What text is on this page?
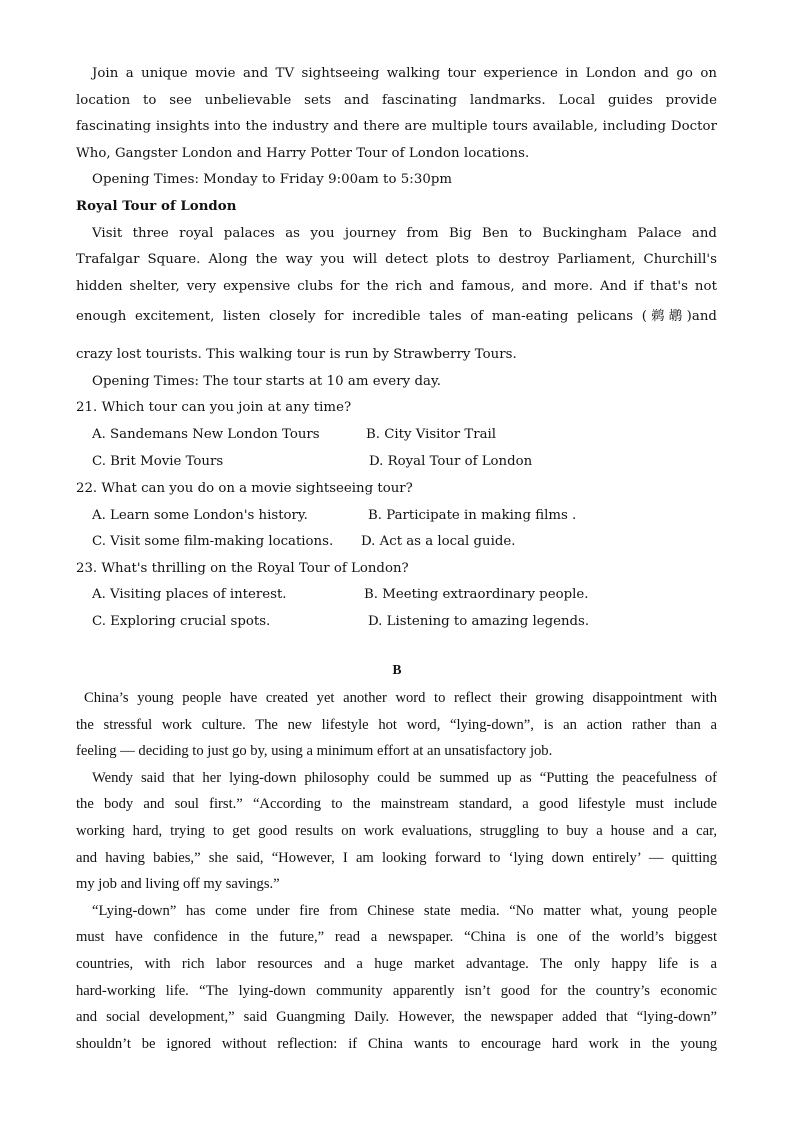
Join a unique movie and TV sightseeing walking tour experience in London and go on
location to see unbelievable sets and fascinating landmarks. Local guides provide
fascinating insights into the industry and there are multiple tours available, including Doctor
Who, Gangster London and Harry Potter Tour of London locations.
Opening Times: Monday to Friday 9:00am to 5:30pm
Royal Tour of London
Visit three royal palaces as you journey from Big Ben to Buckingham Palace and
Trafalgar Square. Along the way you will detect plots to destroy Parliament, Churchill's
hidden shelter, very expensive clubs for the rich and famous, and more. And if that's not
enough excitement, listen closely for incredible tales of man-eating pelicans (鹈鹕)and
crazy lost tourists. This walking tour is run by Strawberry Tours.
Opening Times: The tour starts at 10 am every day.
21. Which tour can you join at any time?
A. Sandemans New London Tours	B. City Visitor Trail
C. Brit Movie Tours	D. Royal Tour of London
22. What can you do on a movie sightseeing tour?
A. Learn some London's history.	B. Participate in making films .
C. Visit some film-making locations. D. Act as a local guide.
23. What's thrilling on the Royal Tour of London?
A. Visiting places of interest.	B. Meeting extraordinary people.
C. Exploring crucial spots.	D. Listening to amazing legends.
B
China’s young people have created yet another word to reflect their growing disappointment with
the stressful work culture. The new lifestyle hot word, “lying-down”, is an action rather than a
feeling — deciding to just go by, using a minimum effort at an unsatisfactory job.
Wendy said that her lying-down philosophy could be summed up as “Putting the peacefulness of
the body and soul first.” “According to the mainstream standard, a good lifestyle must include
working hard, trying to get good results on work evaluations, struggling to buy a house and a car,
and having babies,” she said, “However, I am looking forward to ‘lying down entirely’ — quitting
my job and living off my savings.”
“Lying-down” has come under fire from Chinese state media. “No matter what, young people
must have confidence in the future,” read a newspaper. “China is one of the world’s biggest
countries, with rich labor resources and a huge market advantage. The only happy life is a
hard-working life. “The lying-down community apparently isn’t good for the country’s economic
and social development,” said Guangming Daily. However, the newspaper added that “lying-down”
shouldn’t be ignored without reflection: if China wants to encourage hard work in the young
